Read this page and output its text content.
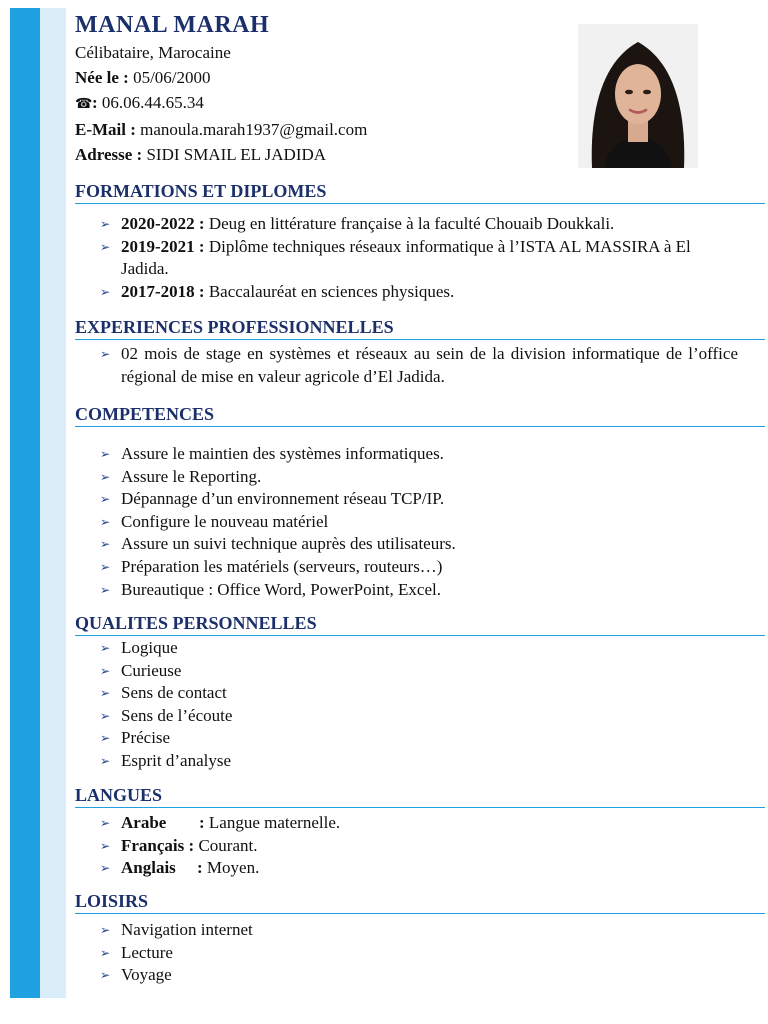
MANAL MARAH
Célibataire, Marocaine
Née le : 05/06/2000
☎: 06.06.44.65.34
E-Mail : manoula.marah1937@gmail.com
Adresse : SIDI SMAIL EL JADIDA
FORMATIONS ET DIPLOMES
➢ 2020-2022 : Deug en littérature française à la faculté Chouaib Doukkali.
➢ 2019-2021 : Diplôme techniques réseaux informatique à l’ISTA AL MASSIRA à El Jadida.
➢ 2017-2018 : Baccalauréat en sciences physiques.
EXPERIENCES PROFESSIONNELLES
➢ 02 mois de stage en systèmes et réseaux au sein de la division informatique de l’office régional de mise en valeur agricole d’El Jadida.
COMPETENCES
➢ Assure le maintien des systèmes informatiques.
➢ Assure le Reporting.
➢ Dépannage d’un environnement réseau TCP/IP.
➢ Configure le nouveau matériel
➢ Assure un suivi technique auprès des utilisateurs.
➢ Préparation les matériels (serveurs, routeurs…)
➢ Bureautique : Office Word, PowerPoint, Excel.
QUALITES PERSONNELLES
➢ Logique
➢ Curieuse
➢ Sens de contact
➢ Sens de l’écoute
➢ Précise
➢ Esprit d’analyse
LANGUES
➢ Arabe : Langue maternelle.
➢ Français : Courant.
➢ Anglais : Moyen.
LOISIRS
➢ Navigation internet
➢ Lecture
➢ Voyage
